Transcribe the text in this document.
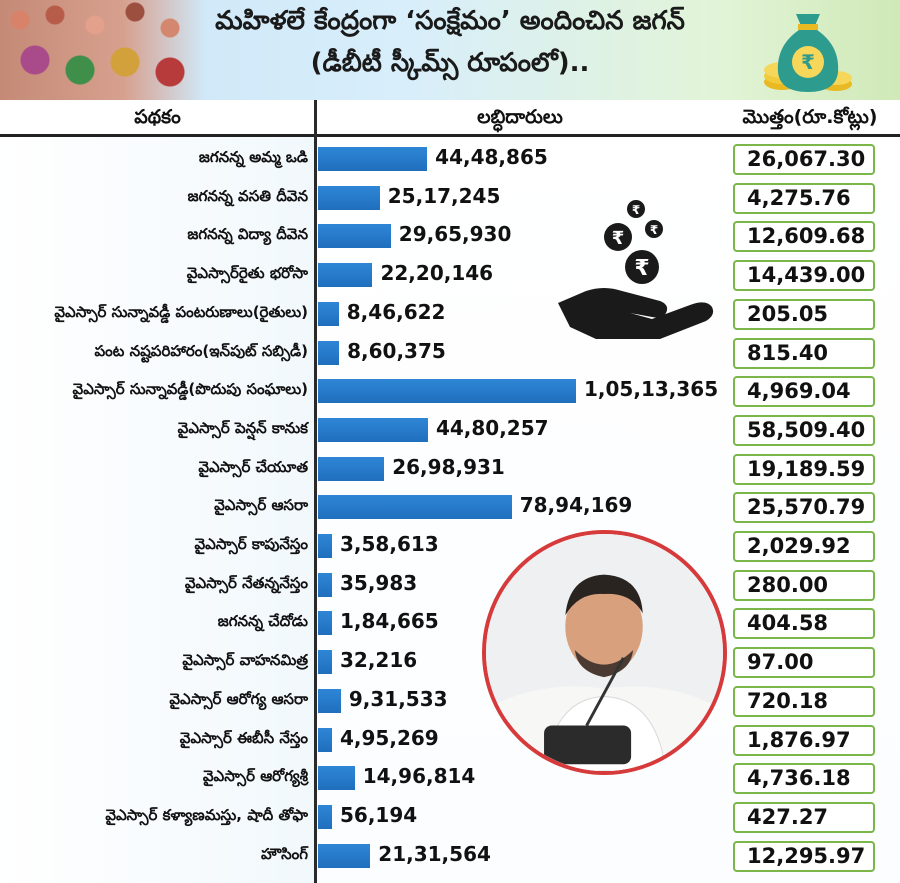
మహిళలే కేంద్రంగా ‘సంక్షేమం’ అందించిన జగన్
(డీబీటీ స్కీమ్స్ రూపంలో)..	₹
పథకం	లబ్ధిదారులు	మొత్తం(రూ.కోట్లు)
₹
₹
₹
₹
జగనన్న అమ్మ ఒడి	44,48,865	26,067.30
జగనన్న వసతి దీవెన	25,17,245	4,275.76
జగనన్న విద్యా దీవెన	29,65,930	12,609.68
వైఎస్సార్‌రైతు భరోసా	22,20,146	14,439.00
వైఎస్సార్ సున్నావడ్డీ పంటరుణాలు(రైతులు) 8,46,622	205.05
పంట నష్టపరిహారం(ఇన్‌పుట్ సబ్సిడీ) 8,60,375	815.40
వైఎస్సార్ సున్నావడ్డీ(పొదుపు సంఘాలు)	1,05,13,365	4,969.04
వైఎస్సార్ పెన్షన్ కానుక	44,80,257	58,509.40
వైఎస్సార్ చేయూత	26,98,931	19,189.59
వైఎస్సార్ ఆసరా	78,94,169	25,570.79
వైఎస్సార్ కాపునేస్తం 3,58,613	2,029.92
వైఎస్సార్ నేతన్ననేస్తం 35,983	280.00
జగనన్న చేదోడు 1,84,665	404.58
వైఎస్సార్ వాహనమిత్ర 32,216	97.00
వైఎస్సార్ ఆరోగ్య ఆసరా 9,31,533	720.18
వైఎస్సార్ ఈబీసీ నేస్తం 4,95,269	1,876.97
వైఎస్సార్ ఆరోగ్యశ్రీ	14,96,814	4,736.18
వైఎస్సార్ కళ్యాణమస్తు, షాదీ తోఫా 56,194	427.27
హౌసింగ్	21,31,564	12,295.97
